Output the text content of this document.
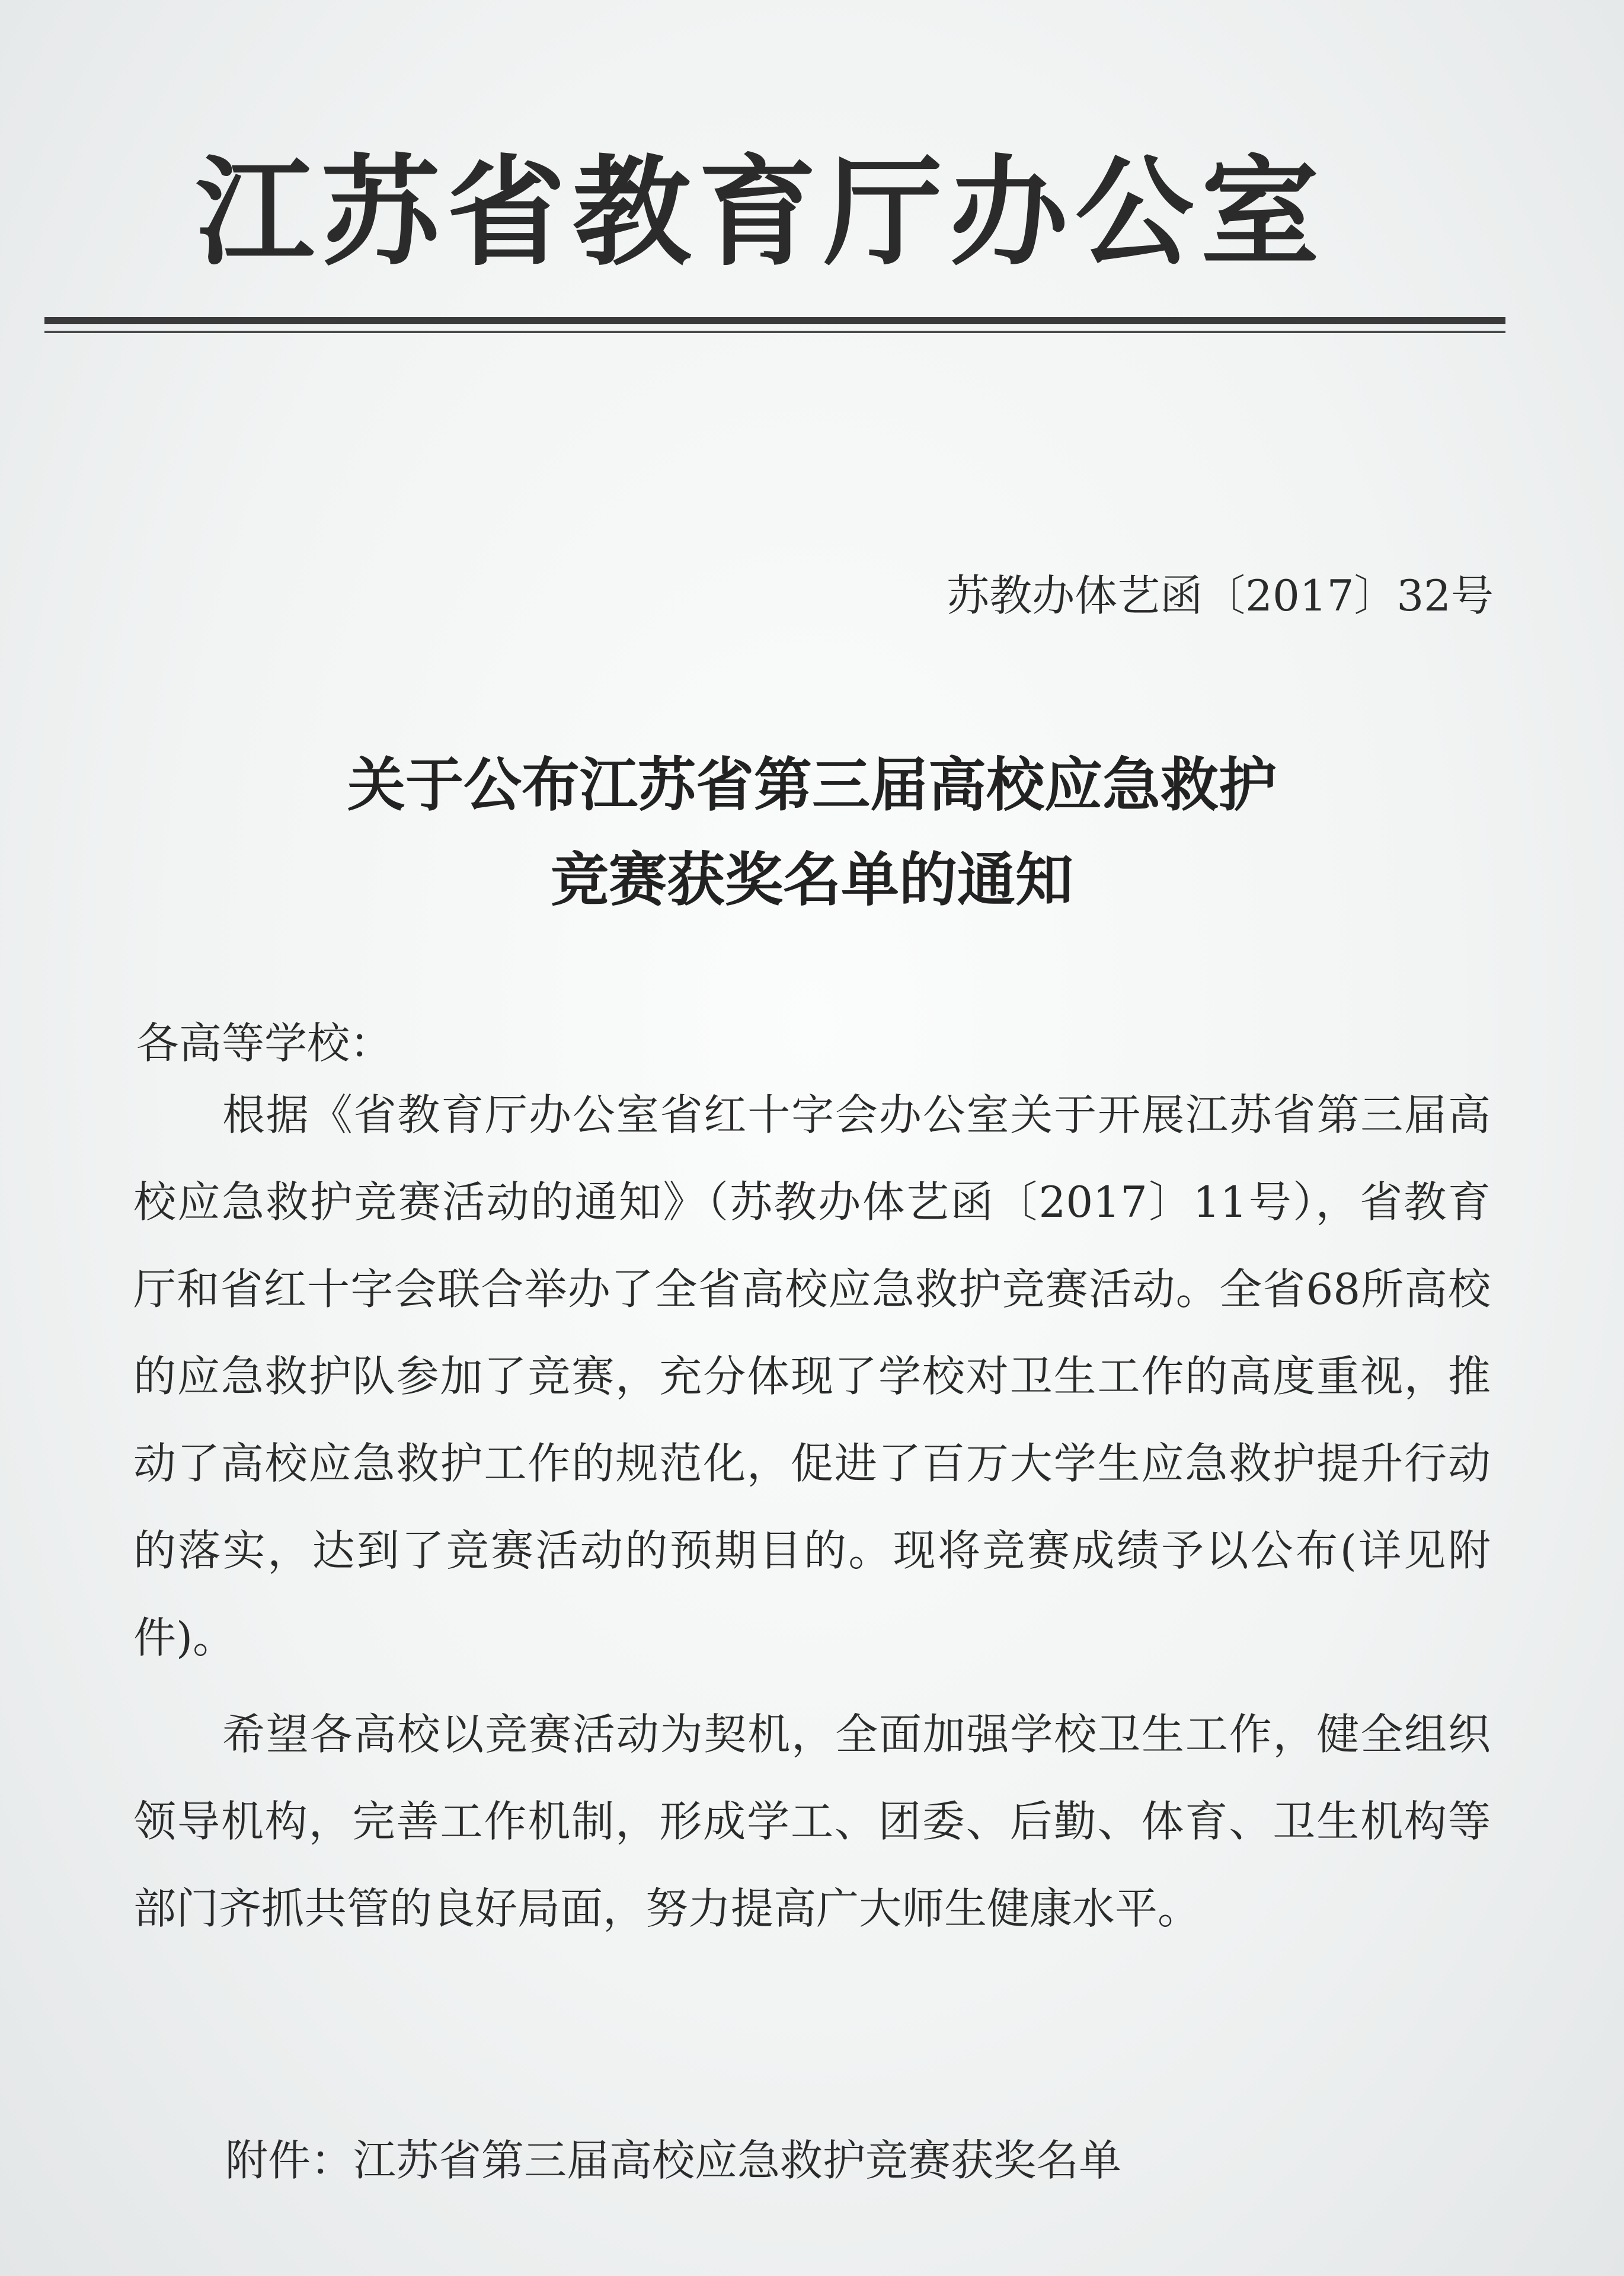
江苏省教育厅办公室
苏教办体艺函〔2017〕32号
关于公布江苏省第三届高校应急救护
竞赛获奖名单的通知
各高等学校：
根据《省教育厅办公室省红十字会办公室关于开展江苏省第三届高校应急救护竞赛活动的通知》（苏教办体艺函〔2017〕11号），省教育厅和省红十字会联合举办了全省高校应急救护竞赛活动。全省68所高校的应急救护队参加了竞赛，充分体现了学校对卫生工作的高度重视，推动了高校应急救护工作的规范化，促进了百万大学生应急救护提升行动的落实，达到了竞赛活动的预期目的。现将竞赛成绩予以公布(详见附件)。
希望各高校以竞赛活动为契机，全面加强学校卫生工作，健全组织领导机构，完善工作机制，形成学工、团委、后勤、体育、卫生机构等部门齐抓共管的良好局面，努力提高广大师生健康水平。
附件：江苏省第三届高校应急救护竞赛获奖名单
